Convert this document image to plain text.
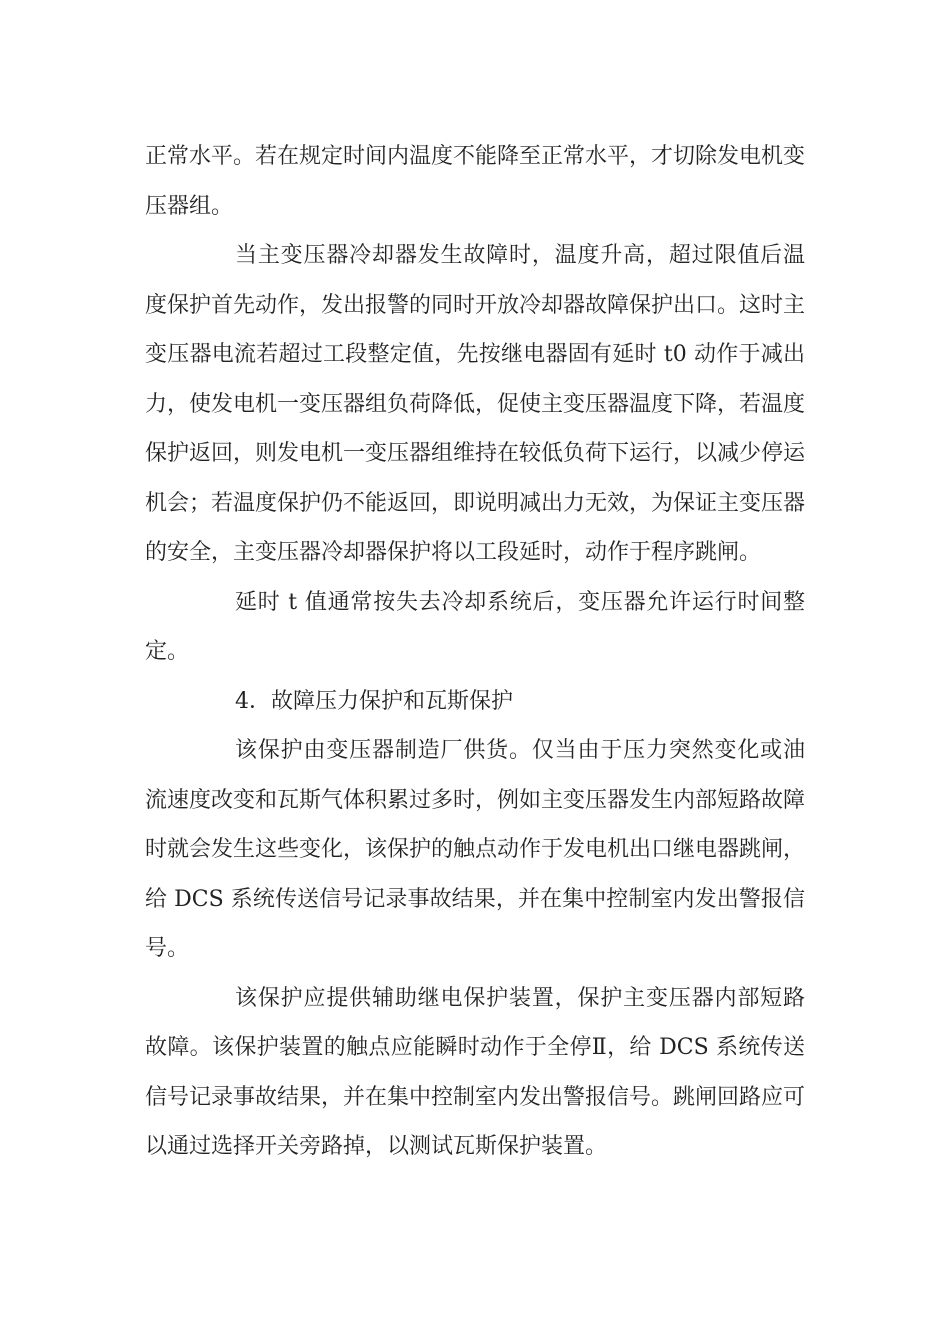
正常水平。若在规定时间内温度不能降至正常水平，才切除发电机变压器组。

当主变压器冷却器发生故障时，温度升高，超过限值后温度保护首先动作，发出报警的同时开放冷却器故障保护出口。这时主变压器电流若超过工段整定值，先按继电器固有延时 t0 动作于减出力，使发电机一变压器组负荷降低，促使主变压器温度下降，若温度保护返回，则发电机一变压器组维持在较低负荷下运行，以减少停运机会；若温度保护仍不能返回，即说明减出力无效，为保证主变压器的安全，主变压器冷却器保护将以工段延时，动作于程序跳闸。

延时 t 值通常按失去冷却系统后，变压器允许运行时间整定。

4．故障压力保护和瓦斯保护

该保护由变压器制造厂供货。仅当由于压力突然变化或油流速度改变和瓦斯气体积累过多时，例如主变压器发生内部短路故障时就会发生这些变化，该保护的触点动作于发电机出口继电器跳闸，给 DCS 系统传送信号记录事故结果，并在集中控制室内发出警报信号。

该保护应提供辅助继电保护装置，保护主变压器内部短路故障。该保护装置的触点应能瞬时动作于全停Ⅱ，给 DCS 系统传送信号记录事故结果，并在集中控制室内发出警报信号。跳闸回路应可以通过选择开关旁路掉，以测试瓦斯保护装置。
